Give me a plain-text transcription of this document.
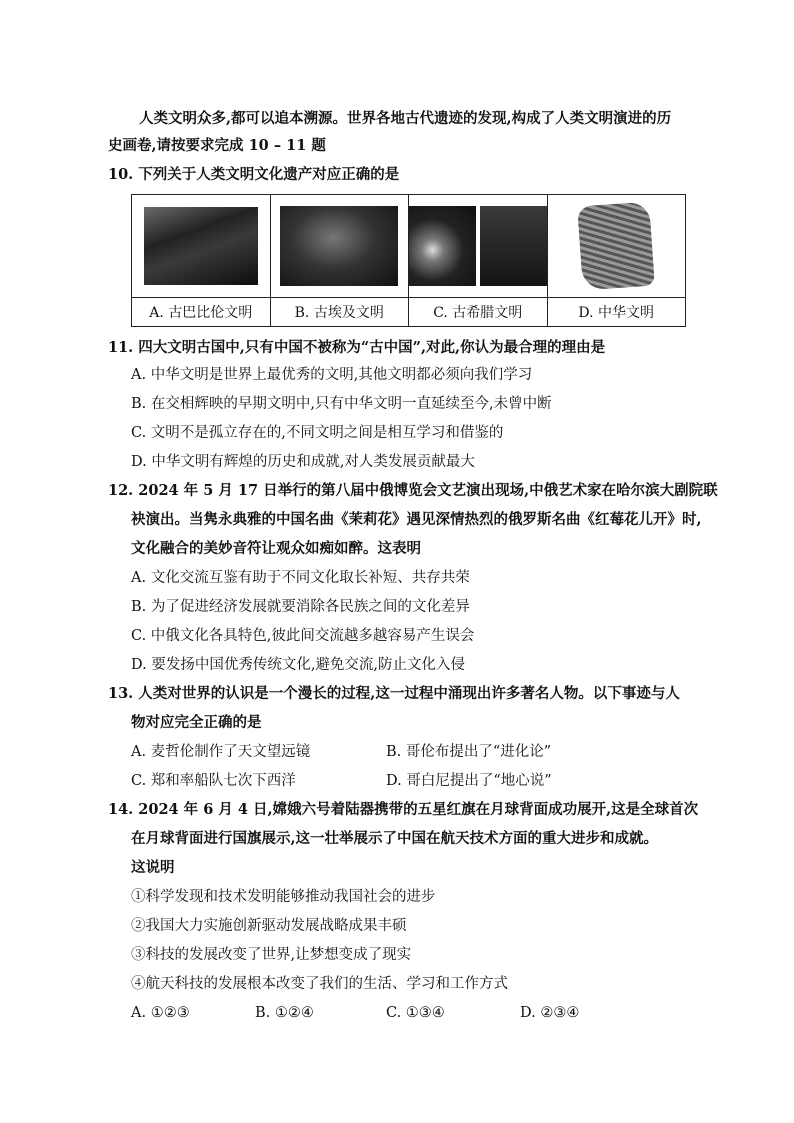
人类文明众多,都可以追本溯源。世界各地古代遗迹的发现,构成了人类文明演进的历
史画卷,请按要求完成 10 – 11 题
10. 下列关于人类文明文化遗产对应正确的是

A. 古巴比伦文明	B. 古埃及文明	C. 古希腊文明	D. 中华文明
11. 四大文明古国中,只有中国不被称为“古中国”,对此,你认为最合理的理由是
A. 中华文明是世界上最优秀的文明,其他文明都必须向我们学习
B. 在交相辉映的早期文明中,只有中华文明一直延续至今,未曾中断
C. 文明不是孤立存在的,不同文明之间是相互学习和借鉴的
D. 中华文明有辉煌的历史和成就,对人类发展贡献最大
12. 2024 年 5 月 17 日举行的第八届中俄博览会文艺演出现场,中俄艺术家在哈尔滨大剧院联
袂演出。当隽永典雅的中国名曲《茉莉花》遇见深情热烈的俄罗斯名曲《红莓花儿开》时,
文化融合的美妙音符让观众如痴如醉。这表明
A. 文化交流互鉴有助于不同文化取长补短、共存共荣
B. 为了促进经济发展就要消除各民族之间的文化差异
C. 中俄文化各具特色,彼此间交流越多越容易产生误会
D. 要发扬中国优秀传统文化,避免交流,防止文化入侵
13. 人类对世界的认识是一个漫长的过程,这一过程中涌现出许多著名人物。以下事迹与人
物对应完全正确的是
A. 麦哲伦制作了天文望远镜	B. 哥伦布提出了“进化论”
C. 郑和率船队七次下西洋	D. 哥白尼提出了“地心说”
14. 2024 年 6 月 4 日,嫦娥六号着陆器携带的五星红旗在月球背面成功展开,这是全球首次
在月球背面进行国旗展示,这一壮举展示了中国在航天技术方面的重大进步和成就。
这说明
①科学发现和技术发明能够推动我国社会的进步
②我国大力实施创新驱动发展战略成果丰硕
③科技的发展改变了世界,让梦想变成了现实
④航天科技的发展根本改变了我们的生活、学习和工作方式
A. ①②③	B. ①②④	C. ①③④	D. ②③④
